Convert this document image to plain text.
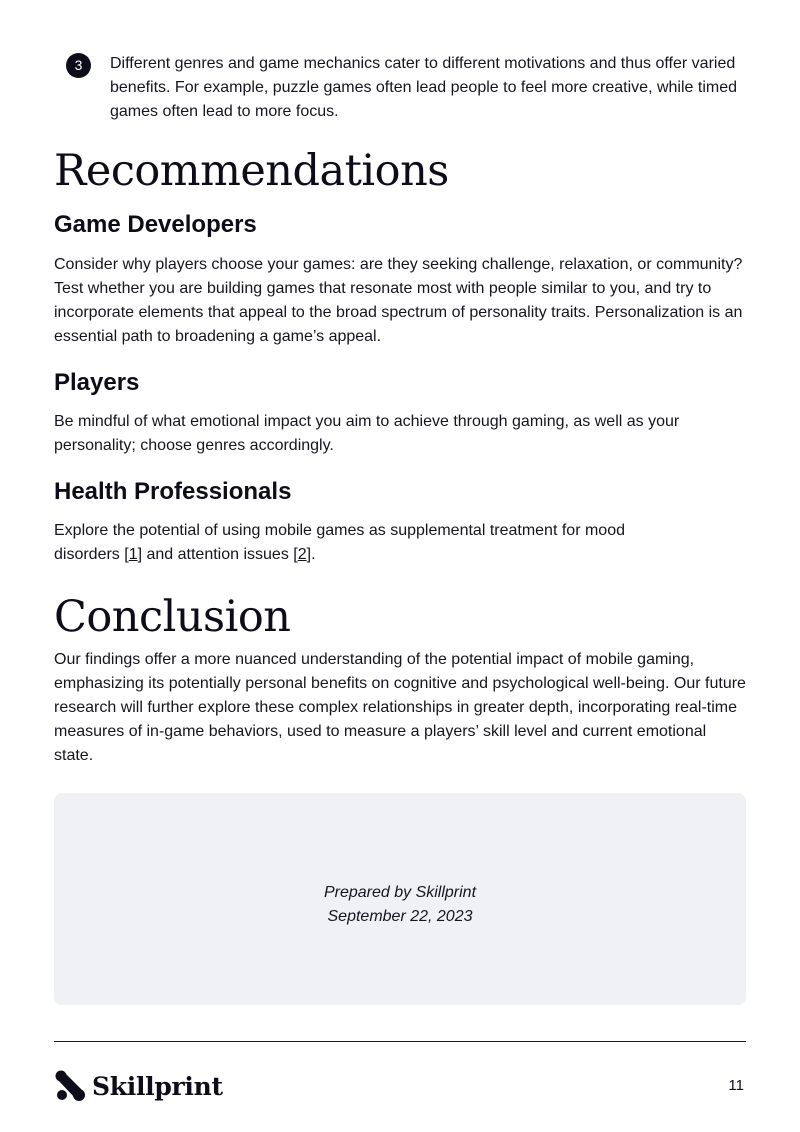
3	Different genres and game mechanics cater to different motivations and thus offer varied benefits. For example, puzzle games often lead people to feel more creative, while timed games often lead to more focus.

Recommendations
Game Developers

Consider why players choose your games: are they seeking challenge, relaxation, or community? Test whether you are building games that resonate most with people similar to you, and try to incorporate elements that appeal to the broad spectrum of personality traits. Personalization is an essential path to broadening a game’s appeal.

Players

Be mindful of what emotional impact you aim to achieve through gaming, as well as your personality; choose genres accordingly.

Health Professionals

Explore the potential of using mobile games as supplemental treatment for mood disorders [1] and attention issues [2].

Conclusion

Our findings offer a more nuanced understanding of the potential impact of mobile gaming, emphasizing its potentially personal benefits on cognitive and psychological well-being. Our future research will further explore these complex relationships in greater depth, incorporating real-time measures of in-game behaviors, used to measure a players’ skill level and current emotional state.

Prepared by Skillprint
September 22, 2023
Skillprint	11
